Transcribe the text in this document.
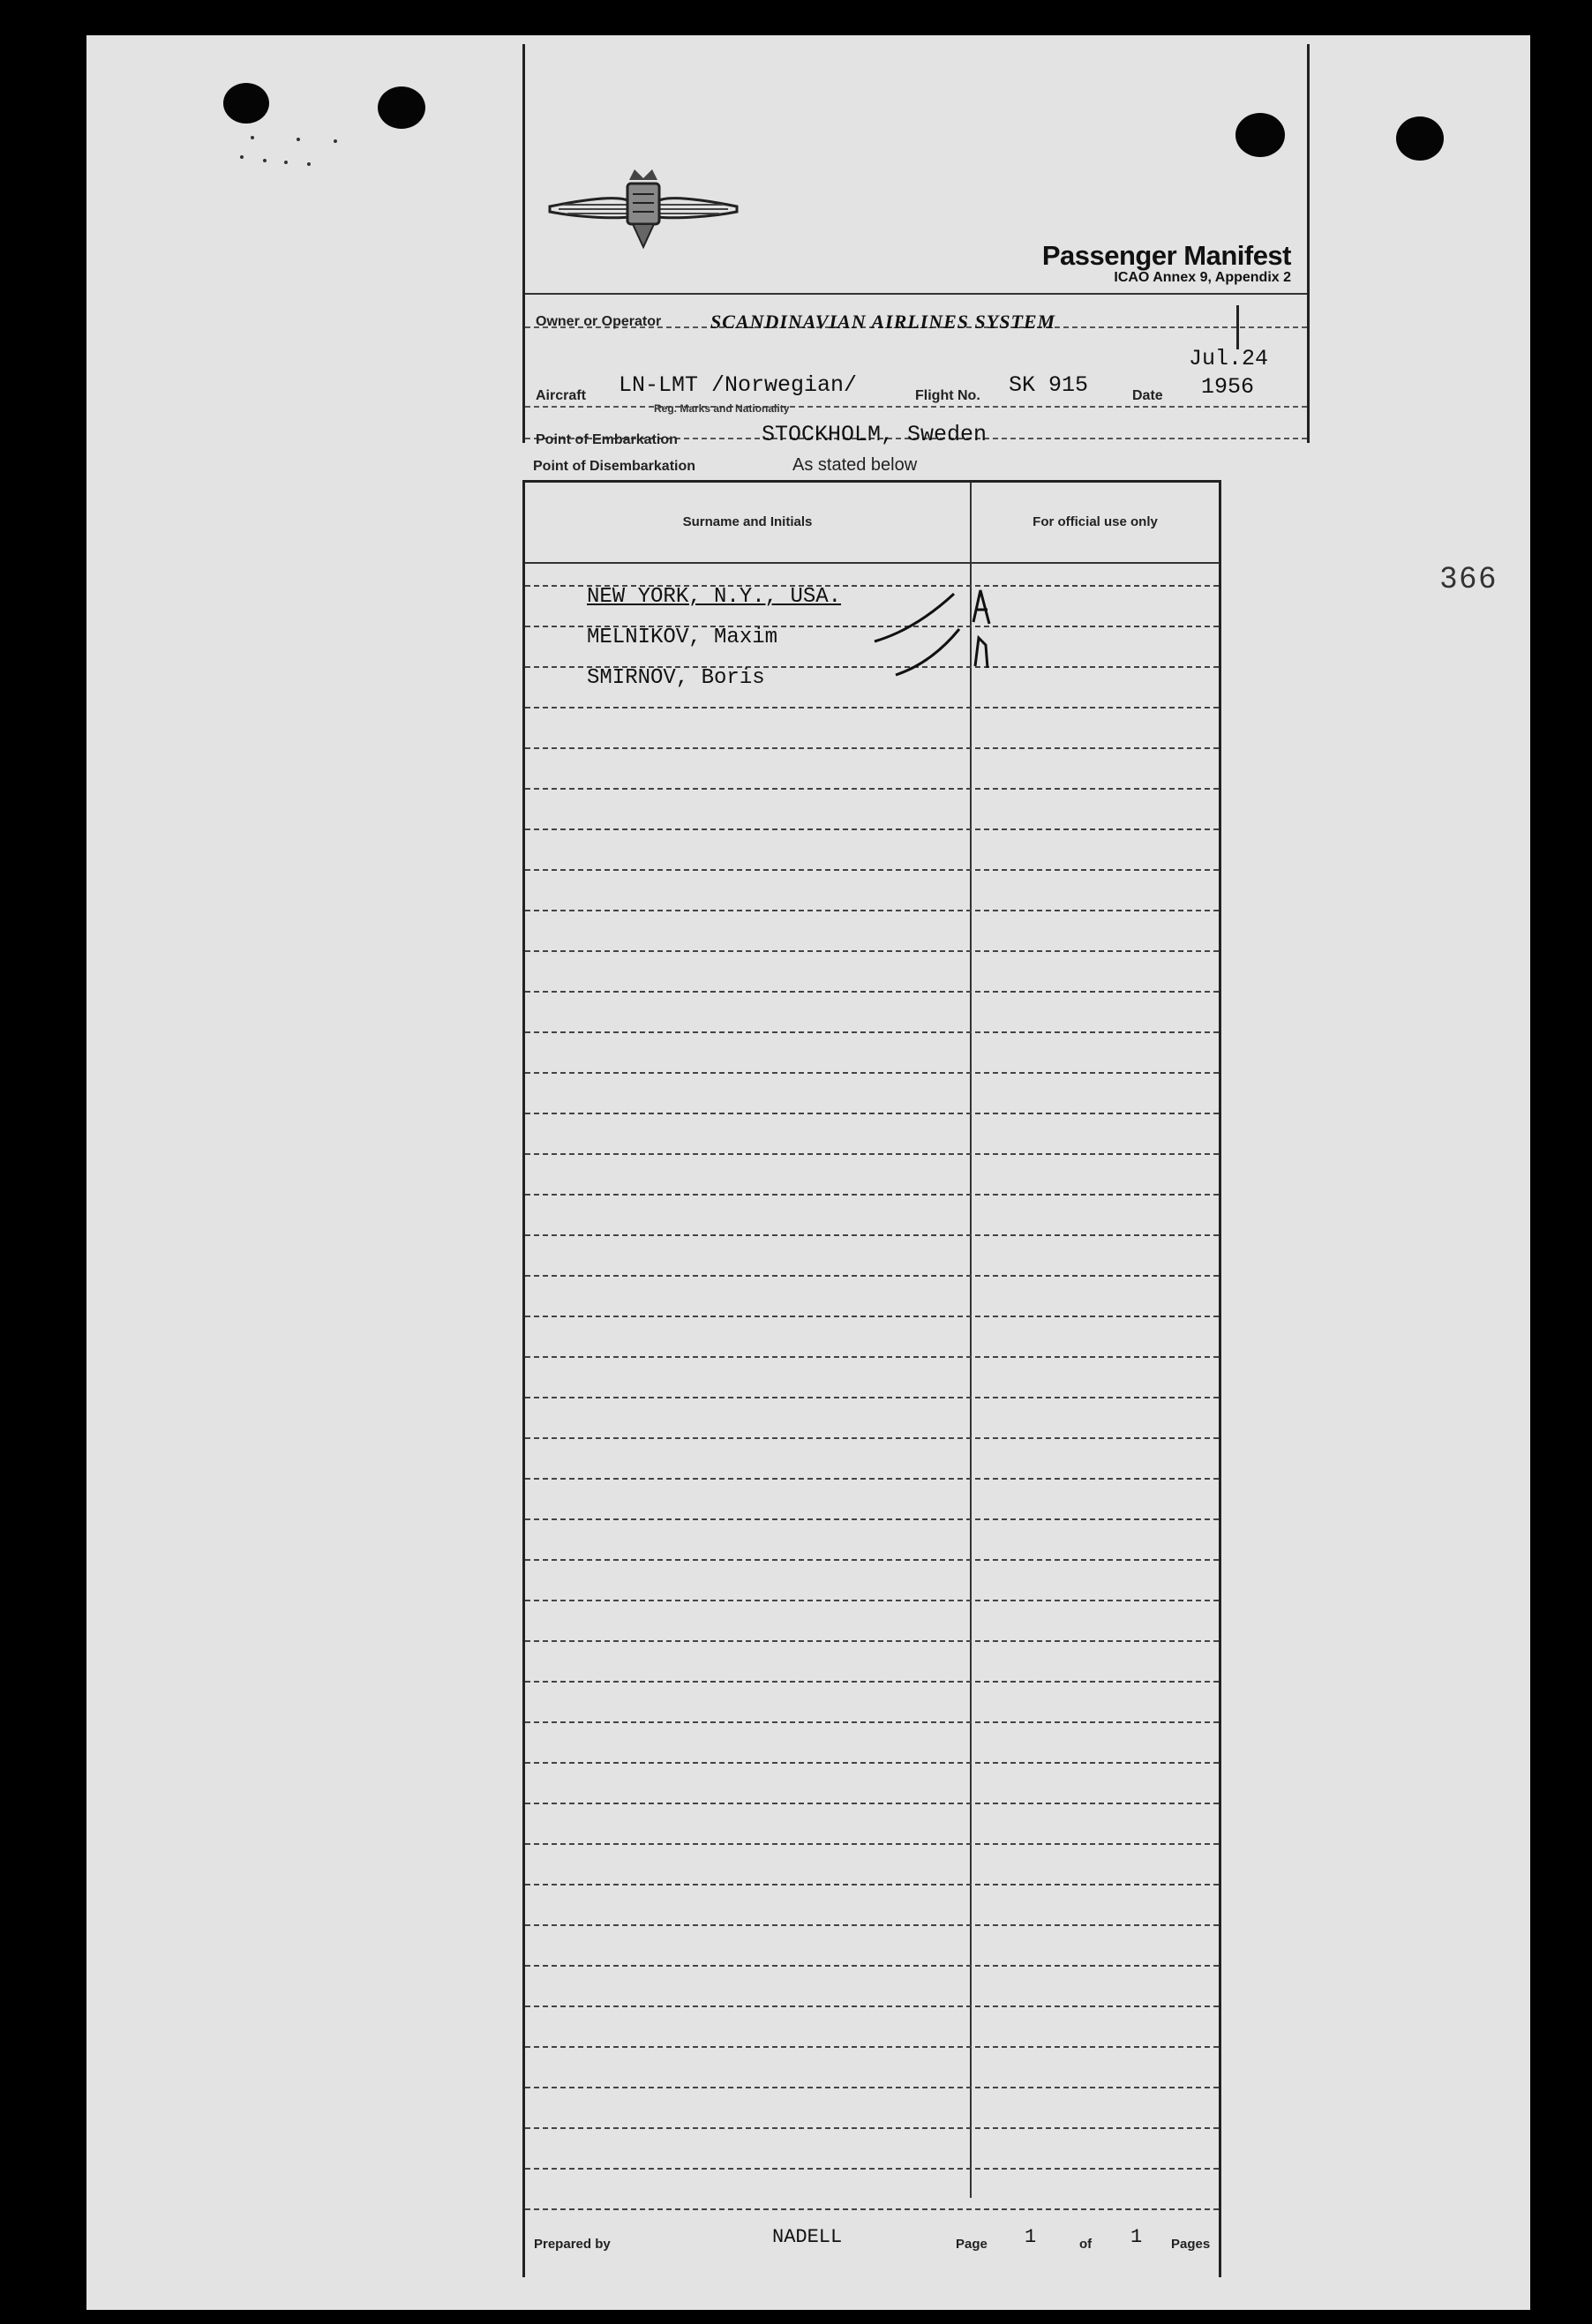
366
Passenger Manifest
ICAO Annex 9, Appendix 2
Owner or Operator	SCANDINAVIAN AIRLINES SYSTEM
Aircraft LN-LMT /Norwegian/
Reg. Marks and Nationality
Flight No. SK 915	Date
Jul.24
1956
Point of Embarkation	STOCKHOLM, Sweden
Point of Disembarkation	As stated below
Surname and Initials	For official use only
NEW YORK, N.Y., USA.
MELNIKOV, Maxim
SMIRNOV, Boris
Prepared by	NADELL	Page 1	of 1 Pages
